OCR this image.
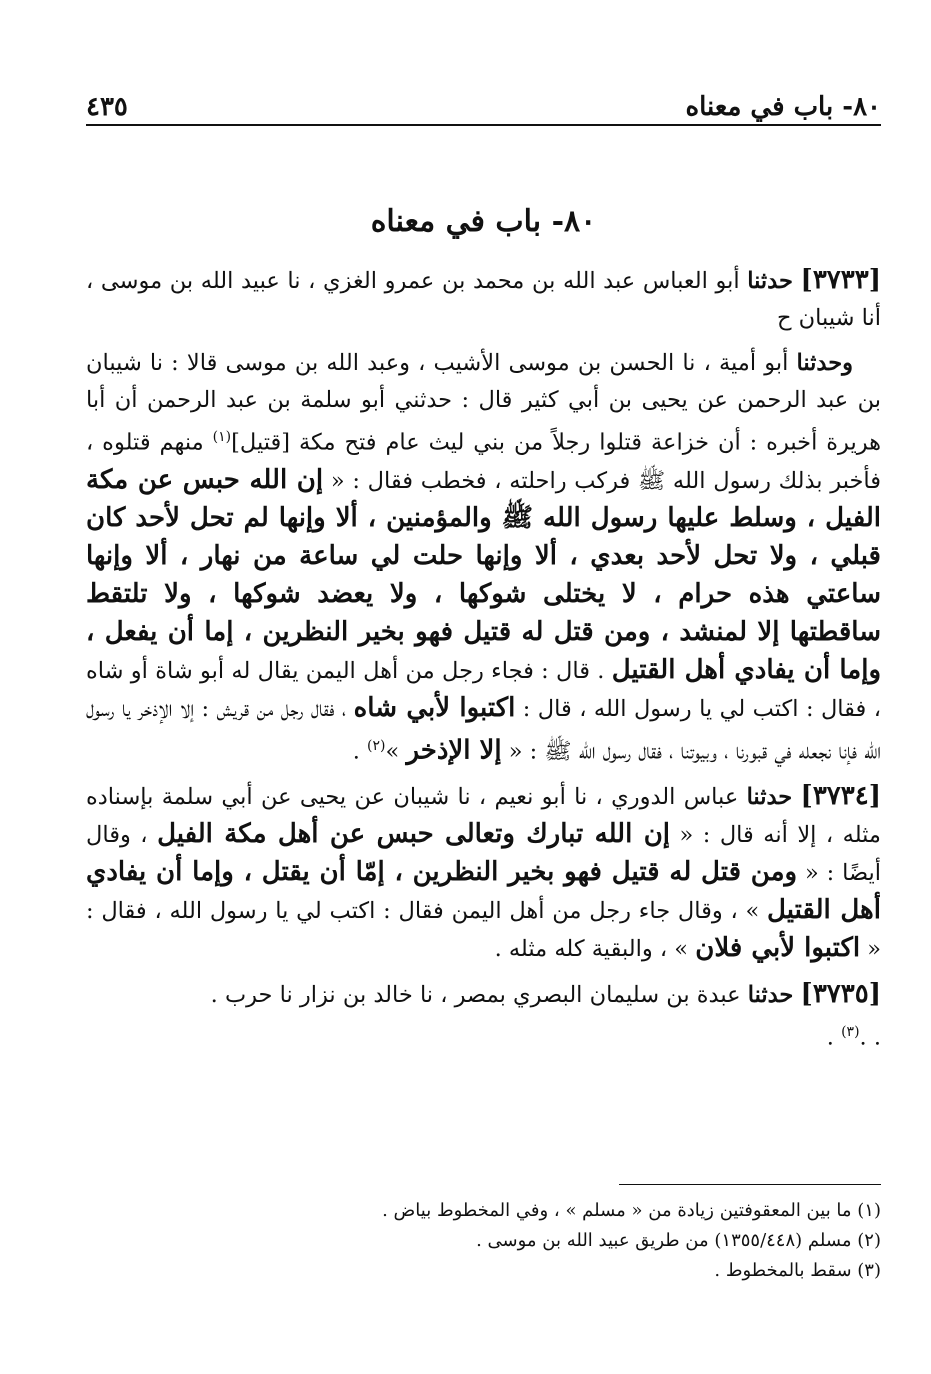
٨٠- باب في معناه
٤٣٥
٨٠- باب في معناه

[٣٧٣٣] حدثنا أبو العباس عبد الله بن محمد بن عمرو الغزي ، نا عبيد الله بن موسى ، أنا شيبان ح

وحدثنا أبو أمية ، نا الحسن بن موسى الأشيب ، وعبد الله بن موسى قالا : نا شيبان بن عبد الرحمن عن يحيى بن أبي كثير قال : حدثني أبو سلمة بن عبد الرحمن أن أبا هريرة أخبره : أن خزاعة قتلوا رجلاً من بني ليث عام فتح مكة [قتيل]$^{(١)}$ منهم قتلوه ، فأخبر بذلك رسول الله ﷺ فركب راحلته ، فخطب فقال : « إن الله حبس عن مكة الفيل ، وسلط عليها رسول الله ﷺ والمؤمنين ، ألا وإنها لم تحل لأحد كان قبلي ، ولا تحل لأحد بعدي ، ألا وإنها حلت لي ساعة من نهار ، ألا وإنها ساعتي هذه حرام ، لا يختلى شوكها ، ولا يعضد شوكها ، ولا تلتقط ساقطتها إلا لمنشد ، ومن قتل له قتيل فهو بخير النظرين ، إما أن يفعل ، وإما أن يفادي أهل القتيل . قال : فجاء رجل من أهل اليمن يقال له أبو شاة أو شاه ، فقال : اكتب لي يا رسول الله ، قال : اكتبوا لأبي شاه ، فقال رجل من قريش : إلا الإذخر يا رسول الله فإنا نجعله في قبورنا ، وبيوتنا ، فقال رسول الله ﷺ : « إلا الإذخر »$^{(٢)}$ .

[٣٧٣٤] حدثنا عباس الدوري ، نا أبو نعيم ، نا شيبان عن يحيى عن أبي سلمة بإسناده مثله ، إلا أنه قال : « إن الله تبارك وتعالى حبس عن أهل مكة الفيل ، وقال أيضًا : « ومن قتل له قتيل فهو بخير النظرين ، إمّا أن يقتل ، وإما أن يفادي أهل القتيل » ، وقال جاء رجل من أهل اليمن فقال : اكتب لي يا رسول الله ، فقال : « اكتبوا لأبي فلان » ، والبقية كله مثله .

[٣٧٣٥] حدثنا عبدة بن سليمان البصري بمصر ، نا خالد بن نزار نا حرب .
. .$^{(٣)}$ .

(١) ما بين المعقوفتين زيادة من « مسلم » ، وفي المخطوط بياض .

(٢) مسلم (١٣٥٥/٤٤٨) من طريق عبيد الله بن موسى .

(٣) سقط بالمخطوط .
